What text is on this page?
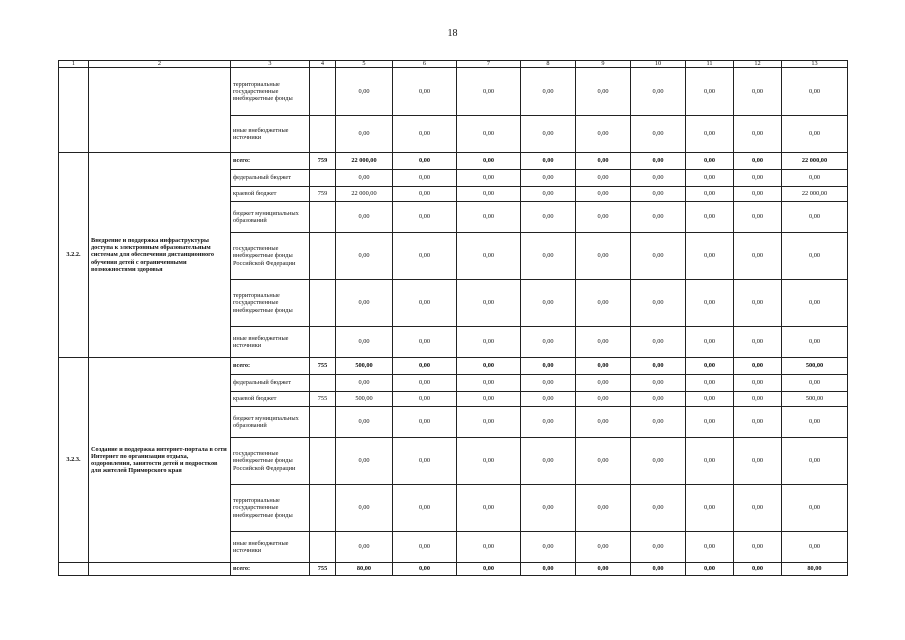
18
1	2	3	4	5	6	7	8	9	10	11	12	13
		территориальные государственные внебюджетные фонды		0,00	0,00	0,00	0,00	0,00	0,00	0,00	0,00	0,00
		иные внебюджетные источники		0,00	0,00	0,00	0,00	0,00	0,00	0,00	0,00	0,00
3.2.2.	Внедрение и поддержка инфраструктуры доступа к электронным образовательным системам для обеспечения дистанционного обучения детей с ограниченными возможностями здоровья	всего:	759	22 000,00	0,00	0,00	0,00	0,00	0,00	0,00	0,00	22 000,00
		федеральный бюджет		0,00	0,00	0,00	0,00	0,00	0,00	0,00	0,00	0,00
		краевой бюджет	759	22 000,00	0,00	0,00	0,00	0,00	0,00	0,00	0,00	22 000,00
		бюджет муниципальных образований		0,00	0,00	0,00	0,00	0,00	0,00	0,00	0,00	0,00
		государственные внебюджетные фонды Российской Федерации		0,00	0,00	0,00	0,00	0,00	0,00	0,00	0,00	0,00
		территориальные государственные внебюджетные фонды		0,00	0,00	0,00	0,00	0,00	0,00	0,00	0,00	0,00
		иные внебюджетные источники		0,00	0,00	0,00	0,00	0,00	0,00	0,00	0,00	0,00
3.2.3.	Создание и поддержка интернет-портала в сети Интернет по организации отдыха, оздоровления, занятости детей и подростков для жителей Приморского края	всего:	755	500,00	0,00	0,00	0,00	0,00	0,00	0,00	0,00	500,00
		федеральный бюджет		0,00	0,00	0,00	0,00	0,00	0,00	0,00	0,00	0,00
		краевой бюджет	755	500,00	0,00	0,00	0,00	0,00	0,00	0,00	0,00	500,00
		бюджет муниципальных образований		0,00	0,00	0,00	0,00	0,00	0,00	0,00	0,00	0,00
		государственные внебюджетные фонды Российской Федерации		0,00	0,00	0,00	0,00	0,00	0,00	0,00	0,00	0,00
		территориальные государственные внебюджетные фонды		0,00	0,00	0,00	0,00	0,00	0,00	0,00	0,00	0,00
		иные внебюджетные источники		0,00	0,00	0,00	0,00	0,00	0,00	0,00	0,00	0,00
		всего:	755	80,00	0,00	0,00	0,00	0,00	0,00	0,00	0,00	80,00
